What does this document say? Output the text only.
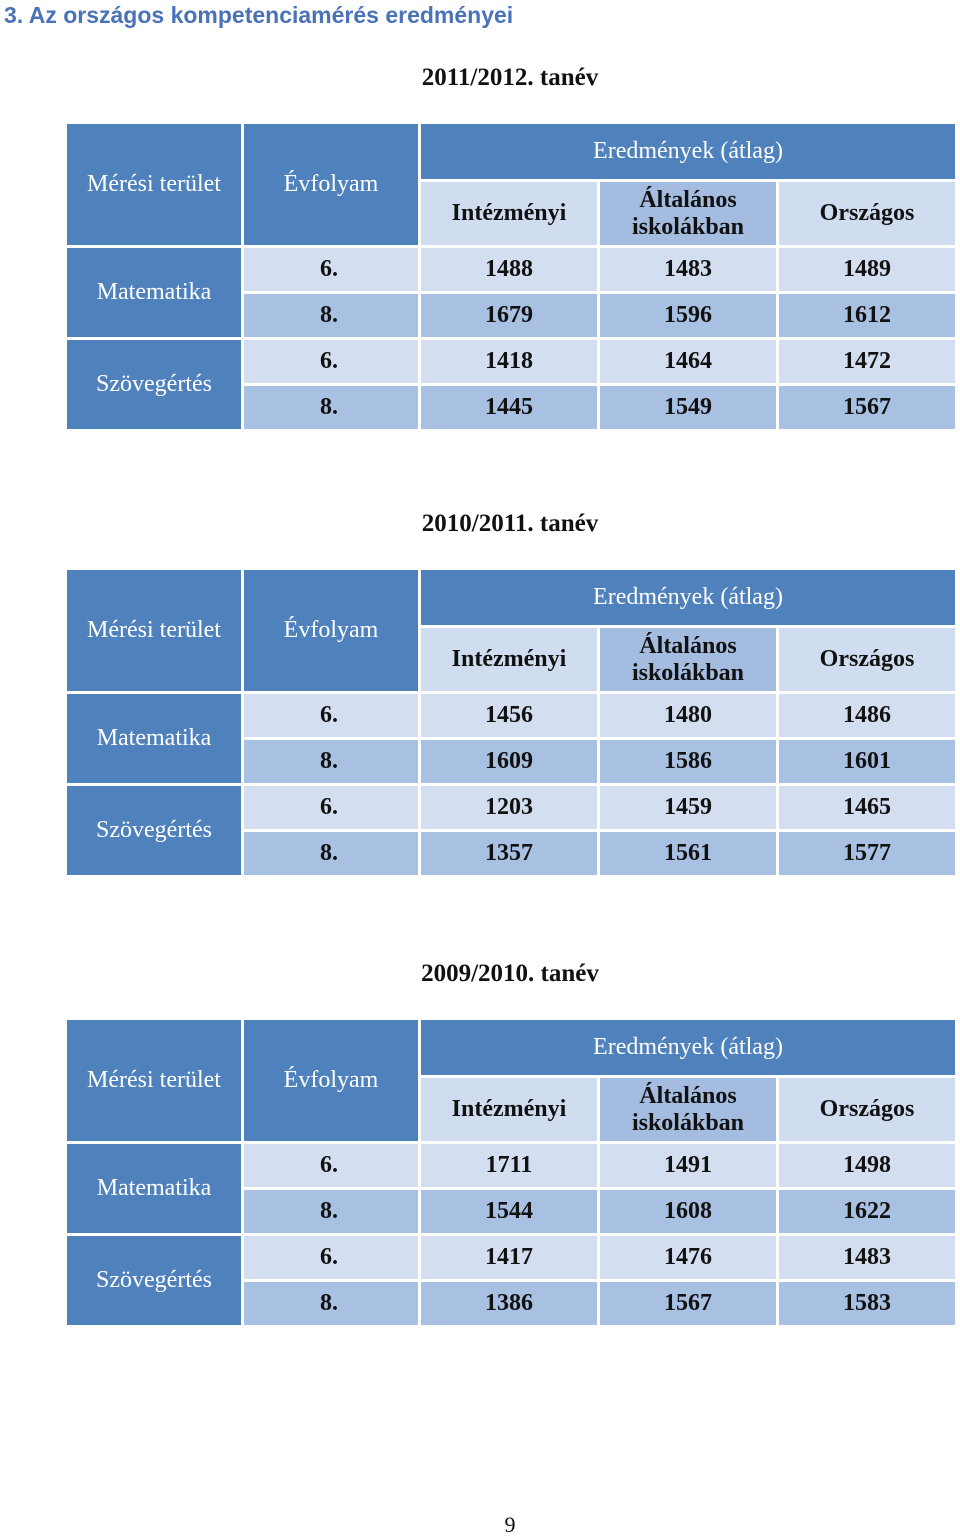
3. Az országos kompetenciamérés eredményei
2011/2012. tanév
Mérési terület	Évfolyam	Eredmények (átlag)		
		Intézményi	Általános iskolákban	Országos
Matematika	6.	1488	1483	1489
	8.	1679	1596	1612
Szövegértés	6.	1418	1464	1472
	8.	1445	1549	1567
2010/2011. tanév
Mérési terület	Évfolyam	Eredmények (átlag)		
		Intézményi	Általános iskolákban	Országos
Matematika	6.	1456	1480	1486
	8.	1609	1586	1601
Szövegértés	6.	1203	1459	1465
	8.	1357	1561	1577
2009/2010. tanév
Mérési terület	Évfolyam	Eredmények (átlag)		
		Intézményi	Általános iskolákban	Országos
Matematika	6.	1711	1491	1498
	8.	1544	1608	1622
Szövegértés	6.	1417	1476	1483
	8.	1386	1567	1583
9
